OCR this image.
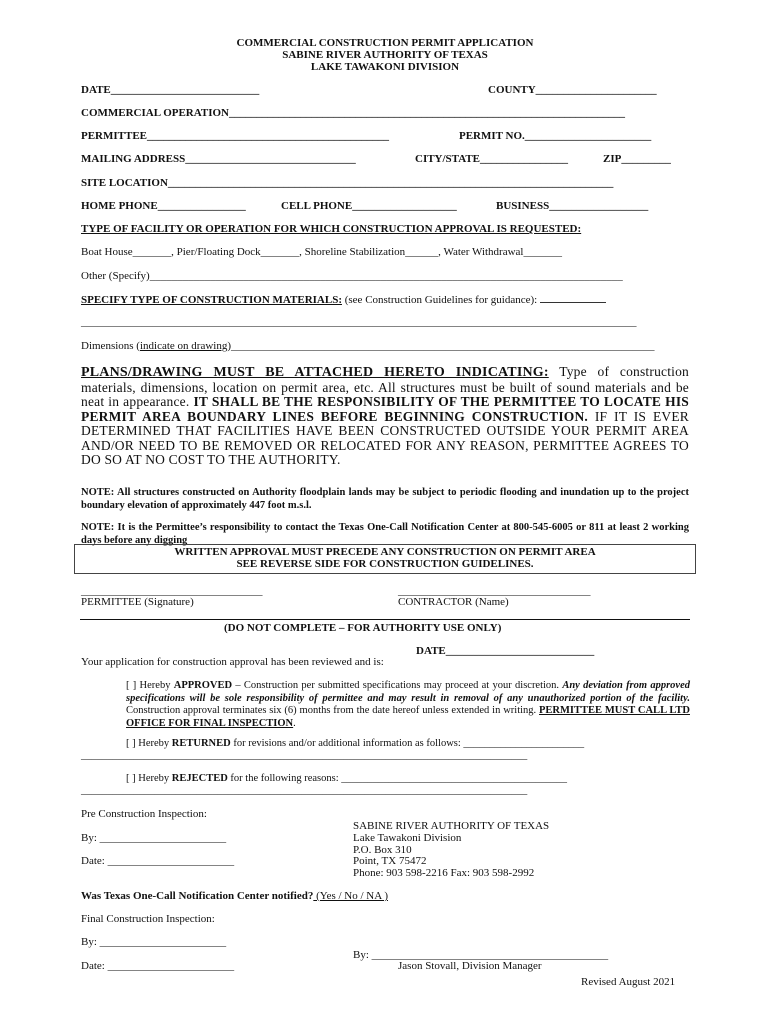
COMMERCIAL CONSTRUCTION PERMIT APPLICATION
SABINE RIVER AUTHORITY OF TEXAS
LAKE TAWAKONI DIVISION
DATE___________________________	COUNTY______________________
COMMERCIAL OPERATION________________________________________________________________________
PERMITTEE____________________________________________	PERMIT NO._______________________
MAILING ADDRESS_______________________________	CITY/STATE________________	ZIP_________
SITE LOCATION_________________________________________________________________________________
HOME PHONE________________	CELL PHONE___________________	BUSINESS__________________
TYPE OF FACILITY OR OPERATION FOR WHICH CONSTRUCTION APPROVAL IS REQUESTED:
Boat House_______, Pier/Floating Dock_______, Shoreline Stabilization______, Water Withdrawal_______
Other (Specify)______________________________________________________________________________________
SPECIFY TYPE OF CONSTRUCTION MATERIALS: (see Construction Guidelines for guidance):
_____________________________________________________________________________________________________
Dimensions (indicate on drawing)_____________________________________________________________________________
PLANS/DRAWING MUST BE ATTACHED HERETO INDICATING: Type of construction materials, dimensions, location on permit area, etc. All structures must be built of sound materials and be neat in appearance. IT SHALL BE THE RESPONSIBILITY OF THE PERMITTEE TO LOCATE HIS PERMIT AREA BOUNDARY LINES BEFORE BEGINNING CONSTRUCTION. IF IT IS EVER DETERMINED THAT FACILITIES HAVE BEEN CONSTRUCTED OUTSIDE YOUR PERMIT AREA AND/OR NEED TO BE REMOVED OR RELOCATED FOR ANY REASON, PERMITTEE AGREES TO DO SO AT NO COST TO THE AUTHORITY.
NOTE: All structures constructed on Authority floodplain lands may be subject to periodic flooding and inundation up to the project boundary elevation of approximately 447 foot m.s.l.
NOTE: It is the Permittee’s responsibility to contact the Texas One-Call Notification Center at 800-545-6005 or 811 at least 2 working days before any digging
WRITTEN APPROVAL MUST PRECEDE ANY CONSTRUCTION ON PERMIT AREA
SEE REVERSE SIDE FOR CONSTRUCTION GUIDELINES.
_________________________________
PERMITTEE (Signature)
___________________________________
CONTRACTOR (Name)
(DO NOT COMPLETE – FOR AUTHORITY USE ONLY)
DATE___________________________
Your application for construction approval has been reviewed and is:
[ ] Hereby APPROVED – Construction per submitted specifications may proceed at your discretion. Any deviation from approved specifications will be sole responsibility of permittee and may result in removal of any unauthorized portion of the facility. Construction approval terminates six (6) months from the date hereof unless extended in writing. PERMITTEE MUST CALL LTD OFFICE FOR FINAL INSPECTION.
[ ] Hereby RETURNED for revisions and/or additional information as follows: _______________________
_____________________________________________________________________________________
[ ] Hereby REJECTED for the following reasons: ___________________________________________
_____________________________________________________________________________________
Pre Construction Inspection:
By: _______________________
Date: _______________________
SABINE RIVER AUTHORITY OF TEXAS
Lake Tawakoni Division
P.O. Box 310
Point, TX 75472
Phone: 903 598-2216 Fax: 903 598-2992
Was Texas One-Call Notification Center notified? (Yes / No / NA )
Final Construction Inspection:
By: _______________________
Date: _______________________
By: ___________________________________________
Jason Stovall, Division Manager
Revised August 2021
